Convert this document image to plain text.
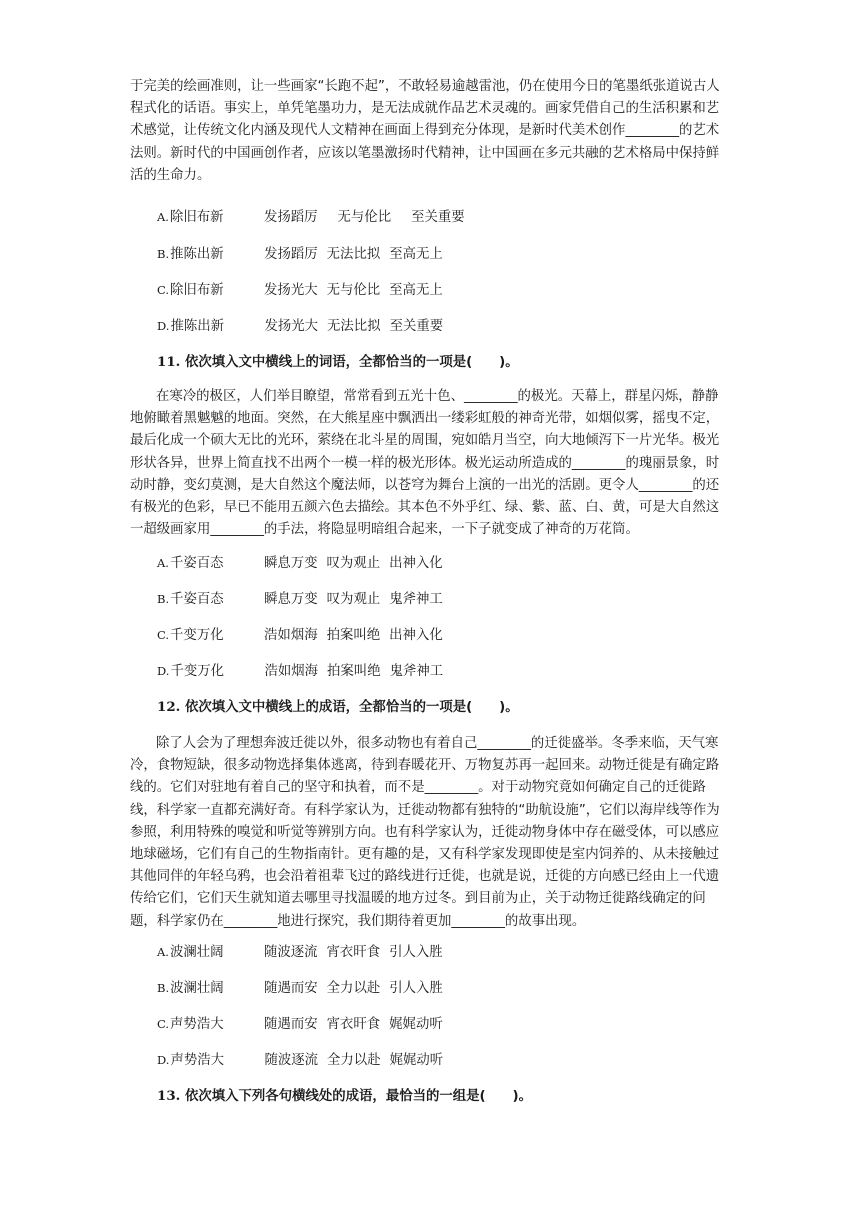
于完美的绘画准则，让一些画家“长跑不起”，不敢轻易逾越雷池，仍在使用今日的笔墨纸张道说古人程式化的话语。事实上，单凭笔墨功力，是无法成就作品艺术灵魂的。画家凭借自己的生活积累和艺术感觉，让传统文化内涵及现代人文精神在画面上得到充分体现，是新时代美术创作________的艺术法则。新时代的中国画创作者，应该以笔墨激扬时代精神，让中国画在多元共融的艺术格局中保持鲜活的生命力。

A. 除旧布新	发扬蹈厉 无与伦比 至关重要
B. 推陈出新	发扬蹈厉 无法比拟 至高无上
C. 除旧布新	发扬光大 无与伦比 至高无上
D. 推陈出新	发扬光大 无法比拟 至关重要
11. 依次填入文中横线上的词语，全都恰当的一项是(　　)。

在寒冷的极区，人们举目瞭望，常常看到五光十色、________的极光。天幕上，群星闪烁，静静地俯瞰着黑魆魆的地面。突然，在大熊星座中飘洒出一缕彩虹般的神奇光带，如烟似雾，摇曳不定，最后化成一个硕大无比的光环，萦绕在北斗星的周围，宛如皓月当空，向大地倾泻下一片光华。极光形状各异，世界上简直找不出两个一模一样的极光形体。极光运动所造成的________的瑰丽景象，时动时静，变幻莫测，是大自然这个魔法师，以苍穹为舞台上演的一出光的活剧。更令人________的还有极光的色彩，早已不能用五颜六色去描绘。其本色不外乎红、绿、紫、蓝、白、黄，可是大自然这一超级画家用________的手法，将隐显明暗组合起来，一下子就变成了神奇的万花筒。

A. 千姿百态	瞬息万变 叹为观止 出神入化
B. 千姿百态	瞬息万变 叹为观止 鬼斧神工
C. 千变万化	浩如烟海 拍案叫绝 出神入化
D. 千变万化	浩如烟海 拍案叫绝 鬼斧神工
12. 依次填入文中横线上的成语，全都恰当的一项是(　　)。

除了人会为了理想奔波迁徙以外，很多动物也有着自己________的迁徙盛举。冬季来临，天气寒冷，食物短缺，很多动物选择集体逃离，待到春暖花开、万物复苏再一起回来。动物迁徙是有确定路线的。它们对驻地有着自己的坚守和执着，而不是________。对于动物究竟如何确定自己的迁徙路线，科学家一直都充满好奇。有科学家认为，迁徙动物都有独特的“助航设施”，它们以海岸线等作为参照，利用特殊的嗅觉和听觉等辨别方向。也有科学家认为，迁徙动物身体中存在磁受体，可以感应地球磁场，它们有自己的生物指南针。更有趣的是，又有科学家发现即使是室内饲养的、从未接触过其他同伴的年轻乌鸦，也会沿着祖辈飞过的路线进行迁徙，也就是说，迁徙的方向感已经由上一代遗传给它们，它们天生就知道去哪里寻找温暖的地方过冬。到目前为止，关于动物迁徙路线确定的问题，科学家仍在________地进行探究，我们期待着更加________的故事出现。

A. 波澜壮阔	随波逐流 宵衣旰食 引人入胜
B. 波澜壮阔	随遇而安 全力以赴 引人入胜
C. 声势浩大	随遇而安 宵衣旰食 娓娓动听
D. 声势浩大	随波逐流 全力以赴 娓娓动听
13. 依次填入下列各句横线处的成语，最恰当的一组是(　　)。
